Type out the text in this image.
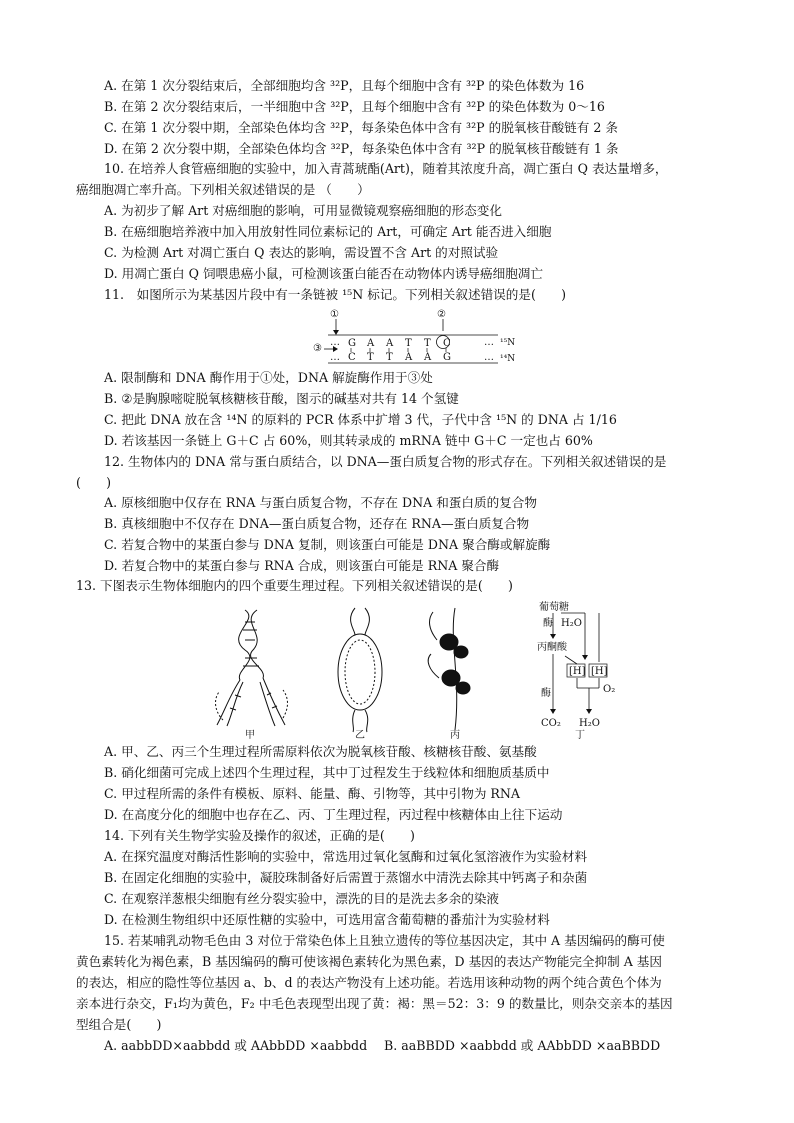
A. 在第 1 次分裂结束后，全部细胞均含 ³²P，且每个细胞中含有 ³²P 的染色体数为 16
B. 在第 2 次分裂结束后，一半细胞中含 ³²P，且每个细胞中含有 ³²P 的染色体数为 0～16
C. 在第 1 次分裂中期，全部染色体均含 ³²P，每条染色体中含有 ³²P 的脱氧核苷酸链有 2 条
D. 在第 2 次分裂中期，全部染色体均含 ³²P，每条染色体中含有 ³²P 的脱氧核苷酸链有 1 条
10. 在培养人食管癌细胞的实验中，加入青蒿琥酯(Art)，随着其浓度升高，凋亡蛋白 Q 表达量增多，
癌细胞凋亡率升高。下列相关叙述错误的是 （　　）
A. 为初步了解 Art 对癌细胞的影响，可用显微镜观察癌细胞的形态变化
B. 在癌细胞培养液中加入用放射性同位素标记的 Art，可确定 Art 能否进入细胞
C. 为检测 Art 对凋亡蛋白 Q 表达的影响，需设置不含 Art 的对照试验
D. 用凋亡蛋白 Q 饲喂患癌小鼠，可检测该蛋白能否在动物体内诱导癌细胞凋亡
11.　如图所示为某基因片段中有一条链被 ¹⁵N 标记。下列相关叙述错误的是(　　)
①	②
③
…
…
…
…
G A A T T C
C T T A A G
¹⁵N
¹⁴N
A. 限制酶和 DNA 酶作用于①处，DNA 解旋酶作用于③处
B. ②是胸腺嘧啶脱氧核糖核苷酸，图示的碱基对共有 14 个氢键
C. 把此 DNA 放在含 ¹⁴N 的原料的 PCR 体系中扩增 3 代，子代中含 ¹⁵N 的 DNA 占 1/16
D. 若该基因一条链上 G＋C 占 60%，则其转录成的 mRNA 链中 G＋C 一定也占 60%
12. 生物体内的 DNA 常与蛋白质结合，以 DNA—蛋白质复合物的形式存在。下列相关叙述错误的是
(　　)
A. 原核细胞中仅存在 RNA 与蛋白质复合物，不存在 DNA 和蛋白质的复合物
B. 真核细胞中不仅存在 DNA—蛋白质复合物，还存在 RNA—蛋白质复合物
C. 若复合物中的某蛋白参与 DNA 复制，则该蛋白可能是 DNA 聚合酶或解旋酶
D. 若复合物中的某蛋白参与 RNA 合成，则该蛋白可能是 RNA 聚合酶
13. 下图表示生物体细胞内的四个重要生理过程。下列相关叙述错误的是(　　)
甲	乙	丙
葡萄糖
酶 H₂O
丙酮酸
[H] [H]
酶	O₂
CO₂ H₂O
丁
A. 甲、乙、丙三个生理过程所需原料依次为脱氧核苷酸、核糖核苷酸、氨基酸
B. 硝化细菌可完成上述四个生理过程，其中丁过程发生于线粒体和细胞质基质中
C. 甲过程所需的条件有模板、原料、能量、酶、引物等，其中引物为 RNA
D. 在高度分化的细胞中也存在乙、丙、丁生理过程，丙过程中核糖体由上往下运动
14. 下列有关生物学实验及操作的叙述，正确的是(　　)
A. 在探究温度对酶活性影响的实验中，常选用过氧化氢酶和过氧化氢溶液作为实验材料
B. 在固定化细胞的实验中，凝胶珠制备好后需置于蒸馏水中清洗去除其中钙离子和杂菌
C. 在观察洋葱根尖细胞有丝分裂实验中，漂洗的目的是洗去多余的染液
D. 在检测生物组织中还原性糖的实验中，可选用富含葡萄糖的番茄汁为实验材料
15. 若某哺乳动物毛色由 3 对位于常染色体上且独立遗传的等位基因决定，其中 A 基因编码的酶可使
黄色素转化为褐色素，B 基因编码的酶可使该褐色素转化为黑色素，D 基因的表达产物能完全抑制 A 基因
的表达，相应的隐性等位基因 a、b、d 的表达产物没有上述功能。若选用该种动物的两个纯合黄色个体为
亲本进行杂交，F₁均为黄色，F₂ 中毛色表现型出现了黄：褐：黑＝52：3：9 的数量比，则杂交亲本的基因
型组合是(　　)
A. aabbDD×aabbdd 或 AAbbDD ×aabbdd B. aaBBDD ×aabbdd 或 AAbbDD ×aaBBDD
